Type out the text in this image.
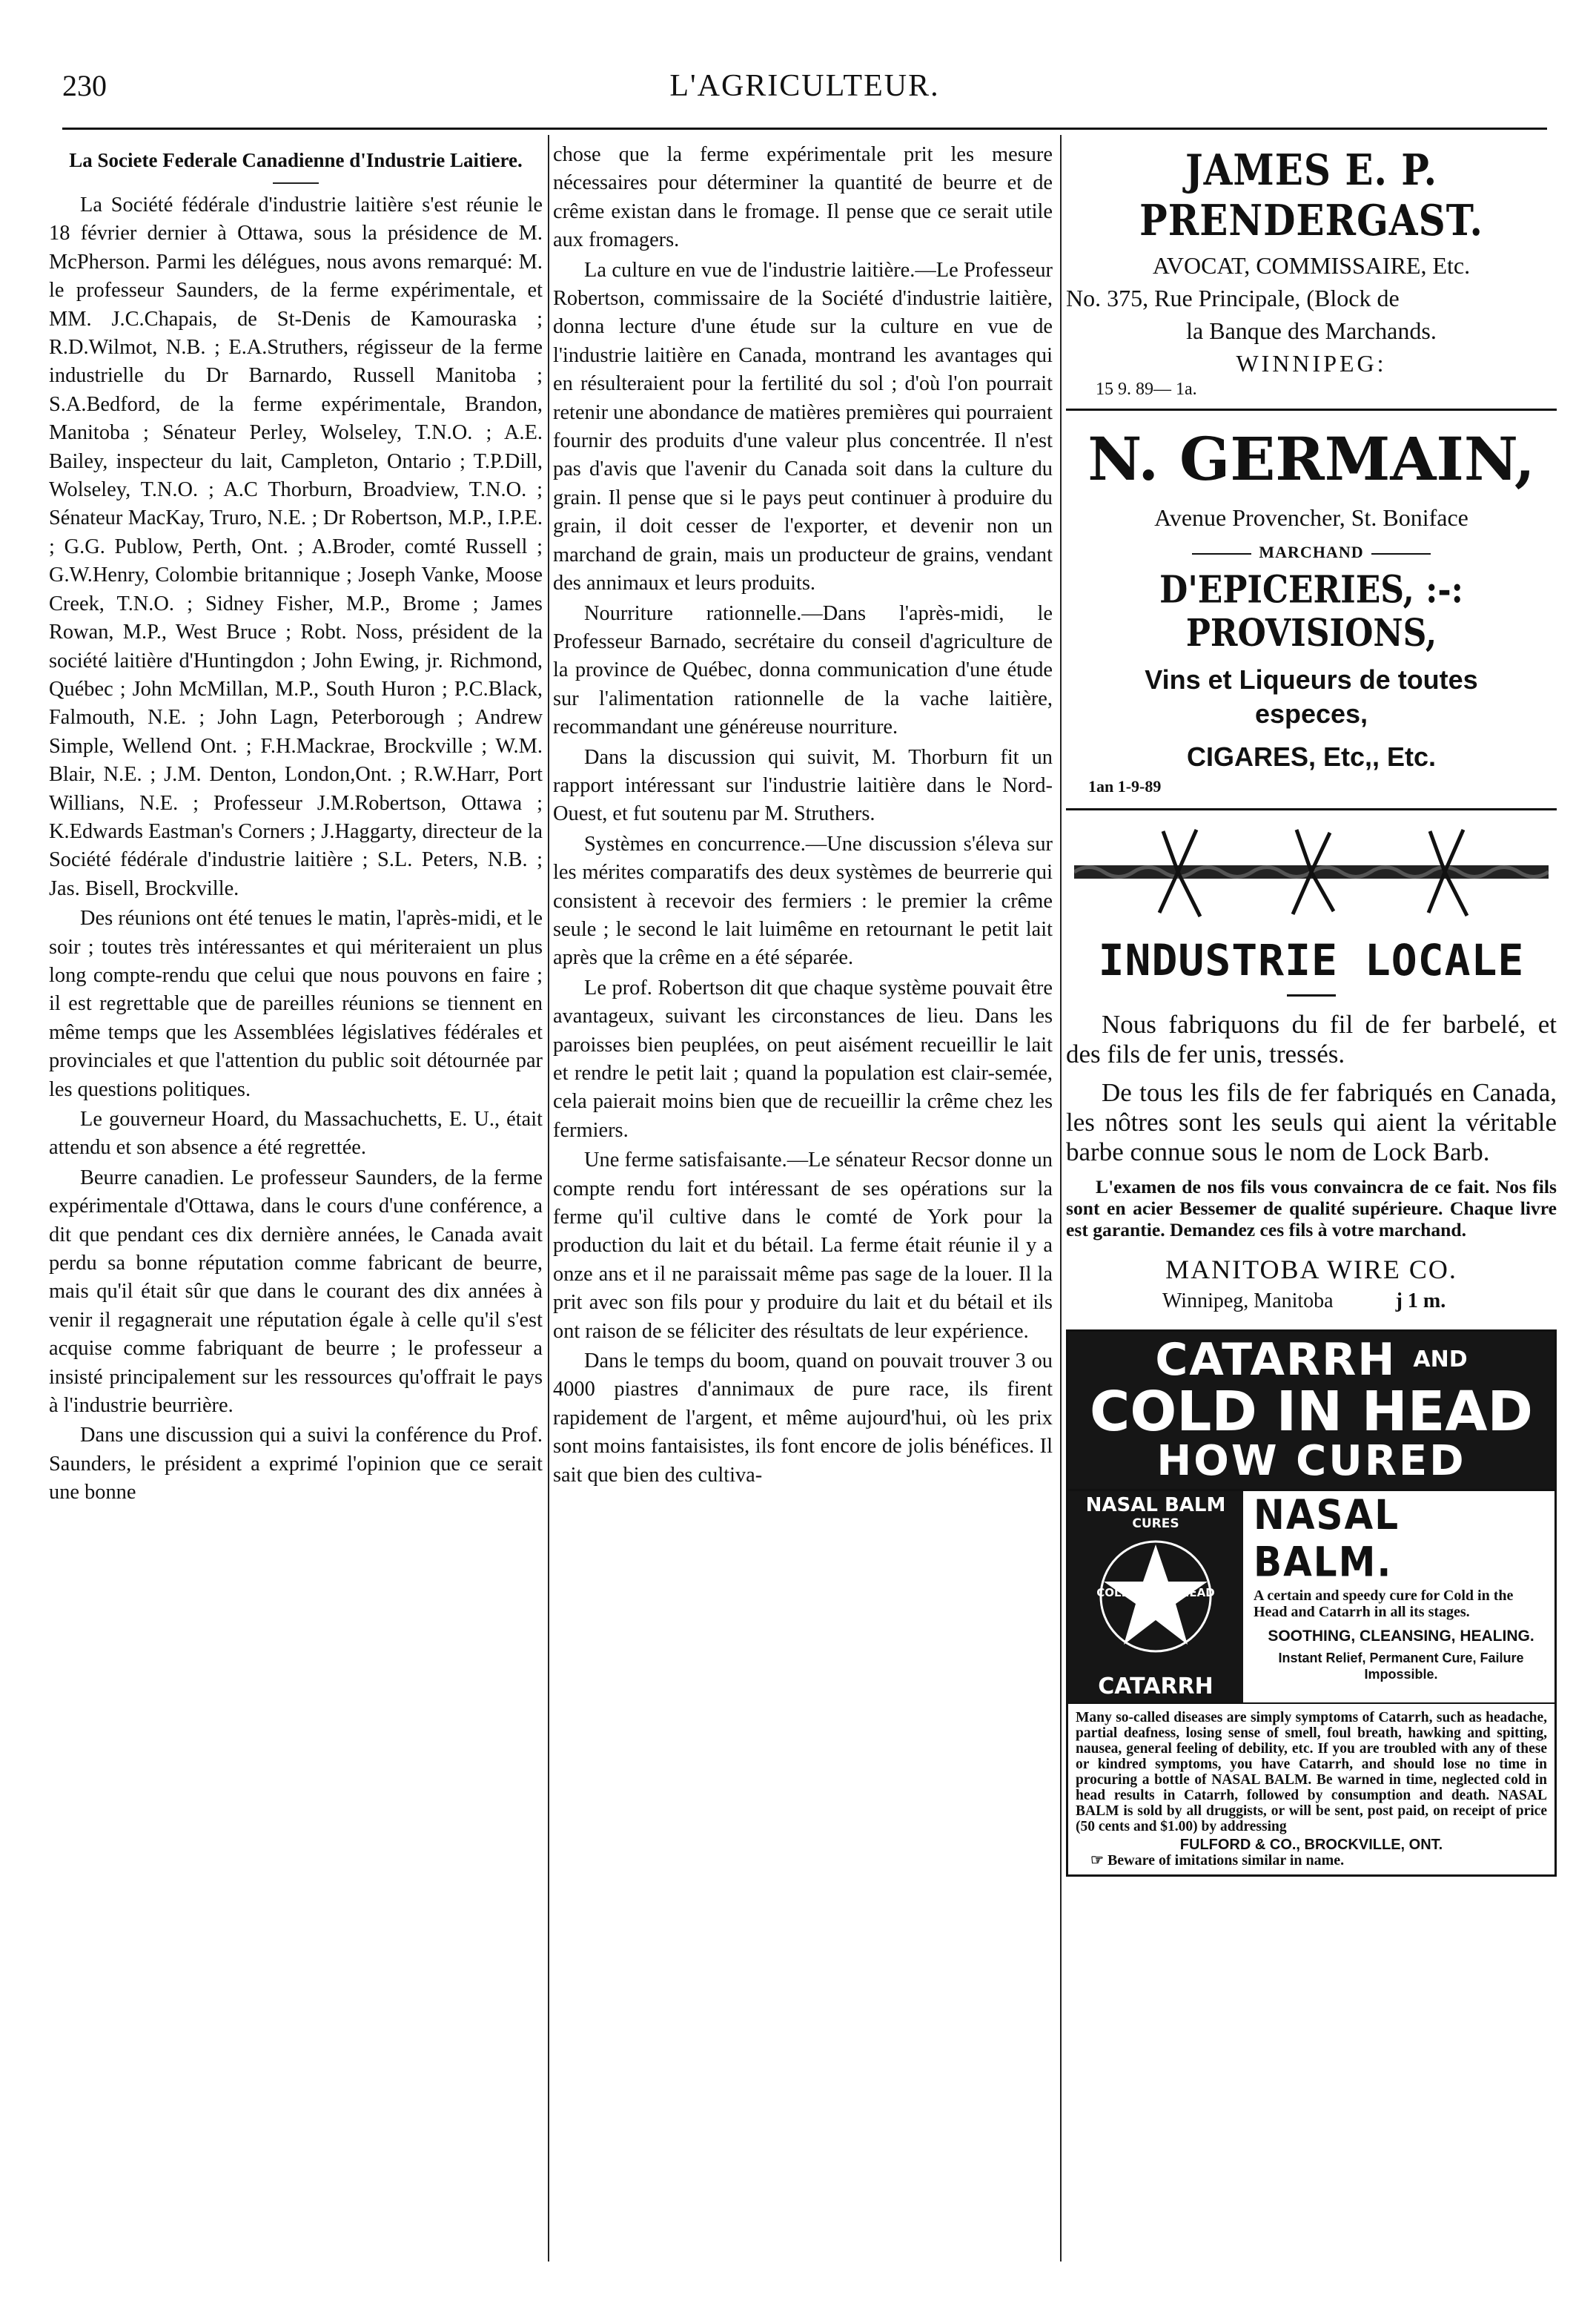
230	L'AGRICULTEUR.
La Societe Federale Canadienne d'Industrie Laitiere.

La Société fédérale d'industrie laitière s'est réunie le 18 février dernier à Ottawa, sous la présidence de M. McPherson. Parmi les délégues, nous avons remarqué: M. le professeur Saunders, de la ferme expérimentale, et MM. J.C.Chapais, de St-Denis de Kamouraska ; R.D.Wilmot, N.B. ; E.A.Struthers, régisseur de la ferme industrielle du Dr Barnardo, Russell Manitoba ; S.A.Bedford, de la ferme expérimentale, Brandon, Manitoba ; Sénateur Perley, Wolseley, T.N.O. ; A.E. Bailey, inspecteur du lait, Campleton, Ontario ; T.P.Dill, Wolseley, T.N.O. ; A.C Thorburn, Broadview, T.N.O. ; Sénateur MacKay, Truro, N.E. ; Dr Robertson, M.P., I.P.E. ; G.G. Publow, Perth, Ont. ; A.Broder, comté Russell ; G.W.Henry, Colombie britannique ; Joseph Vanke, Moose Creek, T.N.O. ; Sidney Fisher, M.P., Brome ; James Rowan, M.P., West Bruce ; Robt. Noss, président de la société laitière d'Huntingdon ; John Ewing, jr. Richmond, Québec ; John McMillan, M.P., South Huron ; P.C.Black, Falmouth, N.E. ; John Lagn, Peterborough ; Andrew Simple, Wellend Ont. ; F.H.Mackrae, Brockville ; W.M. Blair, N.E. ; J.M. Denton, London,Ont. ; R.W.Harr, Port Willians, N.E. ; Professeur J.M.Robertson, Ottawa ; K.Edwards Eastman's Corners ; J.Haggarty, directeur de la Société fédérale d'industrie laitière ; S.L. Peters, N.B. ; Jas. Bisell, Brockville.

Des réunions ont été tenues le matin, l'après-midi, et le soir ; toutes très intéressantes et qui mériteraient un plus long compte-rendu que celui que nous pouvons en faire ; il est regrettable que de pareilles réunions se tiennent en même temps que les Assemblées législatives fédérales et provinciales et que l'attention du public soit détournée par les questions politiques.

Le gouverneur Hoard, du Massachuchetts, E. U., était attendu et son absence a été regrettée.

Beurre canadien. Le professeur Saunders, de la ferme expérimentale d'Ottawa, dans le cours d'une conférence, a dit que pendant ces dix dernière années, le Canada avait perdu sa bonne réputation comme fabricant de beurre, mais qu'il était sûr que dans le courant des dix années à venir il regagnerait une réputation égale à celle qu'il s'est acquise comme fabriquant de beurre ; le professeur a insisté principalement sur les ressources qu'offrait le pays à l'industrie beurrière.

Dans une discussion qui a suivi la conférence du Prof. Saunders, le président a exprimé l'opinion que ce serait une bonne

chose que la ferme expérimentale prit les mesure nécessaires pour déterminer la quantité de beurre et de crême existan dans le fromage. Il pense que ce serait utile aux fromagers.

La culture en vue de l'industrie laitière.—Le Professeur Robertson, commissaire de la Société d'industrie laitière, donna lecture d'une étude sur la culture en vue de l'industrie laitière en Canada, montrand les avantages qui en résulteraient pour la fertilité du sol ; d'où l'on pourrait retenir une abondance de matières premières qui pourraient fournir des produits d'une valeur plus concentrée. Il n'est pas d'avis que l'avenir du Canada soit dans la culture du grain. Il pense que si le pays peut continuer à produire du grain, il doit cesser de l'exporter, et devenir non un marchand de grain, mais un producteur de grains, vendant des annimaux et leurs produits.

Nourriture rationnelle.—Dans l'après-midi, le Professeur Barnado, secrétaire du conseil d'agriculture de la province de Québec, donna communication d'une étude sur l'alimentation rationnelle de la vache laitière, recommandant une généreuse nourriture.

Dans la discussion qui suivit, M. Thorburn fit un rapport intéressant sur l'industrie laitière dans le Nord-Ouest, et fut soutenu par M. Struthers.

Systèmes en concurrence.—Une discussion s'éleva sur les mérites comparatifs des deux systèmes de beurrerie qui consistent à recevoir des fermiers : le premier la crême seule ; le second le lait luimême en retournant le petit lait après que la crême en a été séparée.

Le prof. Robertson dit que chaque système pouvait être avantageux, suivant les circonstances de lieu. Dans les paroisses bien peuplées, on peut aisément recueillir le lait et rendre le petit lait ; quand la population est clair-semée, cela paierait moins bien que de recueillir la crême chez les fermiers.

Une ferme satisfaisante.—Le sénateur Recsor donne un compte rendu fort intéressant de ses opérations sur la ferme qu'il cultive dans le comté de York pour la production du lait et du bétail. La ferme était réunie il y a onze ans et il ne paraissait même pas sage de la louer. Il la prit avec son fils pour y produire du lait et du bétail et ils ont raison de se féliciter des résultats de leur expérience.

Dans le temps du boom, quand on pouvait trouver 3 ou 4000 piastres d'annimaux de pure race, ils firent rapidement de l'argent, et même aujourd'hui, où les prix sont moins fantaisistes, ils font encore de jolis bénéfices. Il sait que bien des cultiva-

JAMES E. P. PRENDERGAST.
AVOCAT, COMMISSAIRE, Etc.
No. 375, Rue Principale, (Block de
la Banque des Marchands.
WINNIPEG:
15 9. 89— 1a.
N. GERMAIN,
Avenue Provencher, St. Boniface
MARCHAND
D'EPICERIES, :-: PROVISIONS,
Vins et Liqueurs de toutes
especes,
CIGARES, Etc,, Etc.
1an 1-9-89
INDUSTRIE LOCALE

Nous fabriquons du fil de fer barbelé, et des fils de fer unis, tressés.

De tous les fils de fer fabriqués en Canada, les nôtres sont les seuls qui aient la véritable barbe connue sous le nom de Lock Barb.

L'examen de nos fils vous convaincra de ce fait. Nos fils sont en acier Bessemer de qualité supérieure. Chaque livre est garantie. Demandez ces fils à votre marchand.

MANITOBA WIRE CO.
Winnipeg, Manitoba	j 1 m.
CATARRH $^{AND}$
COLD IN HEAD
HOW CURED
NASAL BALM
CURES
COLD IN THE HEAD
CATARRH
NASAL BALM.
A certain and speedy cure for Cold in the Head and Catarrh in all its stages.
SOOTHING, CLEANSING, HEALING.
Instant Relief, Permanent Cure, Failure Impossible.
Many so-called diseases are simply symptoms of Catarrh, such as headache, partial deafness, losing sense of smell, foul breath, hawking and spitting, nausea, general feeling of debility, etc. If you are troubled with any of these or kindred symptoms, you have Catarrh, and should lose no time in procuring a bottle of NASAL BALM. Be warned in time, neglected cold in head results in Catarrh, followed by consumption and death. NASAL BALM is sold by all druggists, or will be sent, post paid, on receipt of price (50 cents and $1.00) by addressing
FULFORD & CO., BROCKVILLE, ONT.
☞ Beware of imitations similar in name.
